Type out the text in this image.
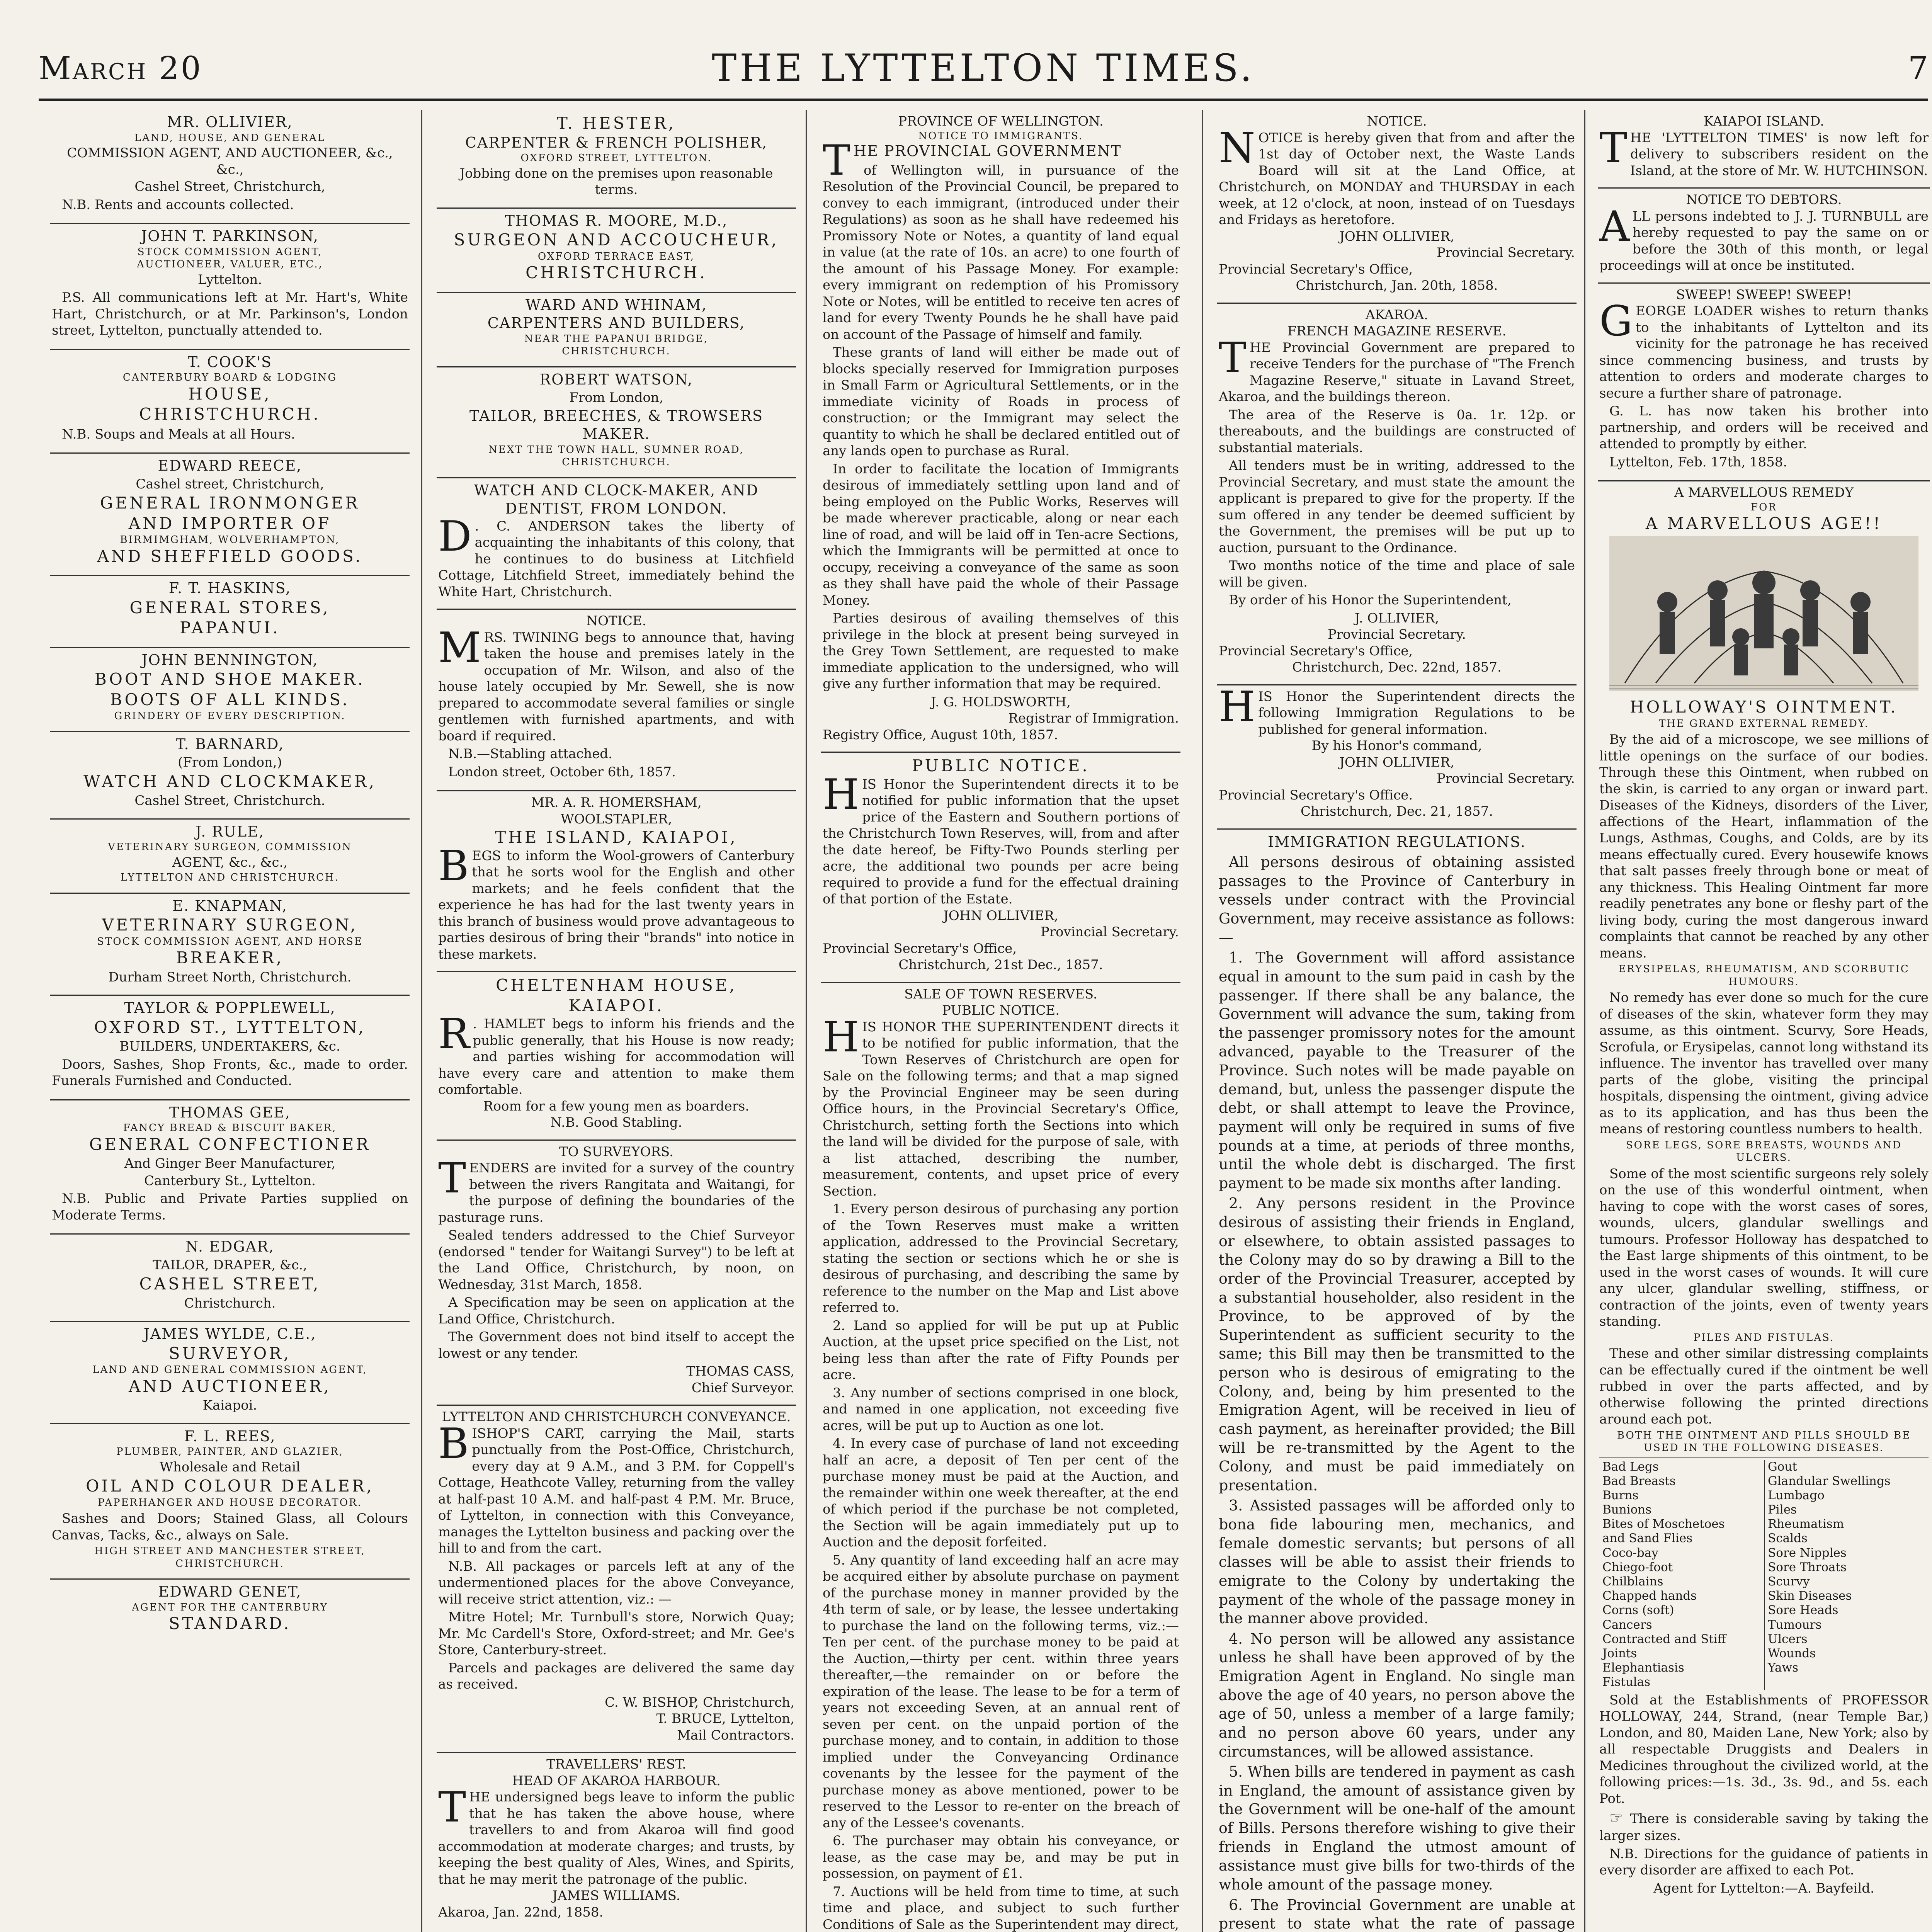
March 20	THE LYTTELTON TIMES.	7
MR. OLLIVIER,
LAND, HOUSE, AND GENERAL
COMMISSION AGENT, AND AUCTIONEER, &c., &c.,
Cashel Street, Christchurch,

N.B. Rents and accounts collected.

JOHN T. PARKINSON,
STOCK COMMISSION AGENT,
AUCTIONEER, VALUER, ETC.,
Lyttelton.

P.S. All communications left at Mr. Hart's, White Hart, Christchurch, or at Mr. Parkinson's, London street, Lyttelton, punctually attended to.

T. COOK'S
CANTERBURY BOARD & LODGING
HOUSE,
CHRISTCHURCH.

N.B. Soups and Meals at all Hours.

EDWARD REECE,
Cashel street, Christchurch,
GENERAL IRONMONGER
AND IMPORTER OF
BIRMIMGHAM, WOLVERHAMPTON,
AND SHEFFIELD GOODS.
F. T. HASKINS,
GENERAL STORES,
PAPANUI.
JOHN BENNINGTON,
BOOT AND SHOE MAKER.
BOOTS OF ALL KINDS.
GRINDERY OF EVERY DESCRIPTION.
T. BARNARD,
(From London,)
WATCH AND CLOCKMAKER,
Cashel Street, Christchurch.
J. RULE,
VETERINARY SURGEON, COMMISSION
AGENT, &c., &c.,
LYTTELTON AND CHRISTCHURCH.
E. KNAPMAN,
VETERINARY SURGEON,
STOCK COMMISSION AGENT, AND HORSE
BREAKER,
Durham Street North, Christchurch.
TAYLOR & POPPLEWELL,
OXFORD ST., LYTTELTON,
BUILDERS, UNDERTAKERS, &c.

Doors, Sashes, Shop Fronts, &c., made to order. Funerals Furnished and Conducted.

THOMAS GEE,
FANCY BREAD & BISCUIT BAKER,
GENERAL CONFECTIONER
And Ginger Beer Manufacturer,
Canterbury St., Lyttelton.

N.B. Public and Private Parties supplied on Moderate Terms.

N. EDGAR,
TAILOR, DRAPER, &c.,
CASHEL STREET,
Christchurch.
JAMES WYLDE, C.E.,
SURVEYOR,
LAND AND GENERAL COMMISSION AGENT,
AND AUCTIONEER,
Kaiapoi.
F. L. REES,
PLUMBER, PAINTER, AND GLAZIER,
Wholesale and Retail
OIL AND COLOUR DEALER,
PAPERHANGER AND HOUSE DECORATOR.

Sashes and Doors; Stained Glass, all Colours Canvas, Tacks, &c., always on Sale.

HIGH STREET AND MANCHESTER STREET, CHRISTCHURCH.
EDWARD GENET,
AGENT FOR THE CANTERBURY
STANDARD.
T. HESTER,
CARPENTER & FRENCH POLISHER,
OXFORD STREET, LYTTELTON.
Jobbing done on the premises upon reasonable terms.
THOMAS R. MOORE, M.D.,
SURGEON AND ACCOUCHEUR,
OXFORD TERRACE EAST,
CHRISTCHURCH.
WARD AND WHINAM,
CARPENTERS AND BUILDERS,
NEAR THE PAPANUI BRIDGE,
CHRISTCHURCH.
ROBERT WATSON,
From London,
TAILOR, BREECHES, & TROWSERS
MAKER.
NEXT THE TOWN HALL, SUMNER ROAD,
CHRISTCHURCH.
WATCH AND CLOCK-MAKER, AND DENTIST, FROM LONDON.
D . C. ANDERSON takes the liberty of acquainting the inhabitants of this colony, that he continues to do business at Litchfield Cottage, Litchfield Street, immediately behind the White Hart, Christchurch.
NOTICE.
MRS. TWINING begs to announce that, having taken the house and premises lately in the occupation of Mr. Wilson, and also of the house lately occupied by Mr. Sewell, she is now prepared to accommodate several families or single gentlemen with furnished apartments, and with board if required.

N.B.—Stabling attached.

London street, October 6th, 1857.

MR. A. R. HOMERSHAM,
WOOLSTAPLER,
THE ISLAND, KAIAPOI,
BEGS to inform the Wool-growers of Canterbury that he sorts wool for the English and other markets; and he feels confident that the experience he has had for the last twenty years in this branch of business would prove advantageous to parties desirous of bring their "brands" into notice in these markets.
CHELTENHAM HOUSE,
KAIAPOI.
R . HAMLET begs to inform his friends and the public generally, that his House is now ready; and parties wishing for accommodation will have every care and attention to make them comfortable.
Room for a few young men as boarders.
N.B. Good Stabling.
TO SURVEYORS.
TENDERS are invited for a survey of the country between the rivers Rangitata and Waitangi, for the purpose of defining the boundaries of the pasturage runs.

Sealed tenders addressed to the Chief Surveyor (endorsed " tender for Waitangi Survey") to be left at the Land Office, Christchurch, by noon, on Wednesday, 31st March, 1858.

A Specification may be seen on application at the Land Office, Christchurch.

The Government does not bind itself to accept the lowest or any tender.

THOMAS CASS,
Chief Surveyor.
LYTTELTON AND CHRISTCHURCH CONVEYANCE.
BISHOP'S CART, carrying the Mail, starts punctually from the Post-Office, Christchurch, every day at 9 A.M., and 3 P.M. for Coppell's Cottage, Heathcote Valley, returning from the valley at half-past 10 A.M. and half-past 4 P.M. Mr. Bruce, of Lyttelton, in connection with this Conveyance, manages the Lyttelton business and packing over the hill to and from the cart.

N.B. All packages or parcels left at any of the undermentioned places for the above Conveyance, will receive strict attention, viz.: —

Mitre Hotel; Mr. Turnbull's store, Norwich Quay; Mr. Mc Cardell's Store, Oxford-street; and Mr. Gee's Store, Canterbury-street.

Parcels and packages are delivered the same day as received.

C. W. BISHOP, Christchurch,
T. BRUCE, Lyttelton,
Mail Contractors.
TRAVELLERS' REST.
HEAD OF AKAROA HARBOUR.
THE undersigned begs leave to inform the public that he has taken the above house, where travellers to and from Akaroa will find good accommodation at moderate charges; and trusts, by keeping the best quality of Ales, Wines, and Spirits, that he may merit the patronage of the public.
JAMES WILLIAMS.
Akaroa, Jan. 22nd, 1858.
PROVINCE OF WELLINGTON.
NOTICE TO IMMIGRANTS.
THE PROVINCIAL GOVERNMENT

of Wellington will, in pursuance of the Resolution of the Provincial Council, be prepared to convey to each immigrant, (introduced under their Regulations) as soon as he shall have redeemed his Promissory Note or Notes, a quantity of land equal in value (at the rate of 10s. an acre) to one fourth of the amount of his Passage Money. For example: every immigrant on redemption of his Promissory Note or Notes, will be entitled to receive ten acres of land for every Twenty Pounds he he shall have paid on account of the Passage of himself and family.

These grants of land will either be made out of blocks specially reserved for Immigration purposes in Small Farm or Agricultural Settlements, or in the immediate vicinity of Roads in process of construction; or the Immigrant may select the quantity to which he shall be declared entitled out of any lands open to purchase as Rural.

In order to facilitate the location of Immigrants desirous of immediately settling upon land and of being employed on the Public Works, Reserves will be made wherever practicable, along or near each line of road, and will be laid off in Ten-acre Sections, which the Immigrants will be permitted at once to occupy, receiving a conveyance of the same as soon as they shall have paid the whole of their Passage Money.

Parties desirous of availing themselves of this privilege in the block at present being surveyed in the Grey Town Settlement, are requested to make immediate application to the undersigned, who will give any further information that may be required.

J. G. HOLDSWORTH,
Registrar of Immigration.
Registry Office, August 10th, 1857.
PUBLIC NOTICE.
HIS Honor the Superintendent directs it to be notified for public information that the upset price of the Eastern and Southern portions of the Christchurch Town Reserves, will, from and after the date hereof, be Fifty-Two Pounds sterling per acre, the additional two pounds per acre being required to provide a fund for the effectual draining of that portion of the Estate.
JOHN OLLIVIER,
Provincial Secretary.
Provincial Secretary's Office,
Christchurch, 21st Dec., 1857.
SALE OF TOWN RESERVES.
PUBLIC NOTICE.
HIS HONOR THE SUPERINTENDENT directs it to be notified for public information, that the Town Reserves of Christchurch are open for Sale on the following terms; and that a map signed by the Provincial Engineer may be seen during Office hours, in the Provincial Secretary's Office, Christchurch, setting forth the Sections into which the land will be divided for the purpose of sale, with a list attached, describing the number, measurement, contents, and upset price of every Section.

1. Every person desirous of purchasing any portion of the Town Reserves must make a written application, addressed to the Provincial Secretary, stating the section or sections which he or she is desirous of purchasing, and describing the same by reference to the number on the Map and List above referred to.

2. Land so applied for will be put up at Public Auction, at the upset price specified on the List, not being less than after the rate of Fifty Pounds per acre.

3. Any number of sections comprised in one block, and named in one application, not exceeding five acres, will be put up to Auction as one lot.

4. In every case of purchase of land not exceeding half an acre, a deposit of Ten per cent of the purchase money must be paid at the Auction, and the remainder within one week thereafter, at the end of which period if the purchase be not completed, the Section will be again immediately put up to Auction and the deposit forfeited.

5. Any quantity of land exceeding half an acre may be acquired either by absolute purchase on payment of the purchase money in manner provided by the 4th term of sale, or by lease, the lessee undertaking to purchase the land on the following terms, viz.:—Ten per cent. of the purchase money to be paid at the Auction,—thirty per cent. within three years thereafter,—the remainder on or before the expiration of the lease. The lease to be for a term of years not exceeding Seven, at an annual rent of seven per cent. on the unpaid portion of the purchase money, and to contain, in addition to those implied under the Conveyancing Ordinance covenants by the lessee for the payment of the purchase money as above mentioned, power to be reserved to the Lessor to re-enter on the breach of any of the Lessee's covenants.

6. The purchaser may obtain his conveyance, or lease, as the case may be, and may be put in possession, on payment of £1.

7. Auctions will be held from time to time, at such time and place, and subject to such further Conditions of Sale as the Superintendent may direct,

NOTICE.
NOTICE is hereby given that from and after the 1st day of October next, the Waste Lands Board will sit at the Land Office, at Christchurch, on MONDAY and THURSDAY in each week, at 12 o'clock, at noon, instead of on Tuesdays and Fridays as heretofore.
JOHN OLLIVIER,
Provincial Secretary.
Provincial Secretary's Office,
Christchurch, Jan. 20th, 1858.
AKAROA.
FRENCH MAGAZINE RESERVE.
THE Provincial Government are prepared to receive Tenders for the purchase of "The French Magazine Reserve," situate in Lavand Street, Akaroa, and the buildings thereon.

The area of the Reserve is 0a. 1r. 12p. or thereabouts, and the buildings are constructed of substantial materials.

All tenders must be in writing, addressed to the Provincial Secretary, and must state the amount the applicant is prepared to give for the property. If the sum offered in any tender be deemed sufficient by the Government, the premises will be put up to auction, pursuant to the Ordinance.

Two months notice of the time and place of sale will be given.

By order of his Honor the Superintendent,

J. OLLIVIER,
Provincial Secretary.
Provincial Secretary's Office,
Christchurch, Dec. 22nd, 1857.
HIS Honor the Superintendent directs the following Immigration Regulations to be published for general information.
By his Honor's command,
JOHN OLLIVIER,
Provincial Secretary.
Provincial Secretary's Office.
Christchurch, Dec. 21, 1857.
IMMIGRATION REGULATIONS.

All persons desirous of obtaining assisted passages to the Province of Canterbury in vessels under contract with the Provincial Government, may receive assistance as follows: —

1. The Government will afford assistance equal in amount to the sum paid in cash by the passenger. If there shall be any balance, the Government will advance the sum, taking from the passenger promissory notes for the amount advanced, payable to the Treasurer of the Province. Such notes will be made payable on demand, but, unless the passenger dispute the debt, or shall attempt to leave the Province, payment will only be required in sums of five pounds at a time, at periods of three months, until the whole debt is discharged. The first payment to be made six months after landing.

2. Any persons resident in the Province desirous of assisting their friends in England, or elsewhere, to obtain assisted passages to the Colony may do so by drawing a Bill to the order of the Provincial Treasurer, accepted by a substantial householder, also resident in the Province, to be approved of by the Superintendent as sufficient security to the same; this Bill may then be transmitted to the person who is desirous of emigrating to the Colony, and, being by him presented to the Emigration Agent, will be received in lieu of cash payment, as hereinafter provided; the Bill will be re-transmitted by the Agent to the Colony, and must be paid immediately on presentation.

3. Assisted passages will be afforded only to bona fide labouring men, mechanics, and female domestic servants; but persons of all classes will be able to assist their friends to emigrate to the Colony by undertaking the payment of the whole of the passage money in the manner above provided.

4. No person will be allowed any assistance unless he shall have been approved of by the Emigration Agent in England. No single man above the age of 40 years, no person above the age of 50, unless a member of a large family; and no person above 60 years, under any circumstances, will be allowed assistance.

5. When bills are tendered in payment as cash in England, the amount of assistance given by the Government will be one-half of the amount of Bills. Persons therefore wishing to give their friends in England the utmost amount of assistance must give bills for two-thirds of the whole amount of the passage money.

6. The Provincial Government are unable at present to state what the rate of passage

KAIAPOI ISLAND.
THE 'LYTTELTON TIMES' is now left for delivery to subscribers resident on the Island, at the store of Mr. W. HUTCHINSON.
NOTICE TO DEBTORS.
ALL persons indebted to J. J. TURNBULL are hereby requested to pay the same on or before the 30th of this month, or legal proceedings will at once be instituted.
SWEEP! SWEEP! SWEEP!
GEORGE LOADER wishes to return thanks to the inhabitants of Lyttelton and its vicinity for the patronage he has received since commencing business, and trusts by attention to orders and moderate charges to secure a further share of patronage.

G. L. has now taken his brother into partnership, and orders will be received and attended to promptly by either.

Lyttelton, Feb. 17th, 1858.

A MARVELLOUS REMEDY
FOR
A MARVELLOUS AGE!!
HOLLOWAY'S OINTMENT.
THE GRAND EXTERNAL REMEDY.

By the aid of a microscope, we see millions of little openings on the surface of our bodies. Through these this Ointment, when rubbed on the skin, is carried to any organ or inward part. Diseases of the Kidneys, disorders of the Liver, affections of the Heart, inflammation of the Lungs, Asthmas, Coughs, and Colds, are by its means effectually cured. Every housewife knows that salt passes freely through bone or meat of any thickness. This Healing Ointment far more readily penetrates any bone or fleshy part of the living body, curing the most dangerous inward complaints that cannot be reached by any other means.

ERYSIPELAS, RHEUMATISM, AND SCORBUTIC HUMOURS.

No remedy has ever done so much for the cure of diseases of the skin, whatever form they may assume, as this ointment. Scurvy, Sore Heads, Scrofula, or Erysipelas, cannot long withstand its influence. The inventor has travelled over many parts of the globe, visiting the principal hospitals, dispensing the ointment, giving advice as to its application, and has thus been the means of restoring countless numbers to health.

SORE LEGS, SORE BREASTS, WOUNDS AND ULCERS.

Some of the most scientific surgeons rely solely on the use of this wonderful ointment, when having to cope with the worst cases of sores, wounds, ulcers, glandular swellings and tumours. Professor Holloway has despatched to the East large shipments of this ointment, to be used in the worst cases of wounds. It will cure any ulcer, glandular swelling, stiffness, or contraction of the joints, even of twenty years standing.

PILES AND FISTULAS.

These and other similar distressing complaints can be effectually cured if the ointment be well rubbed in over the parts affected, and by otherwise following the printed directions around each pot.

BOTH THE OINTMENT AND PILLS SHOULD BE USED IN THE FOLLOWING DISEASES.
Bad Legs
Bad Breasts
Burns
Bunions
Bites of Moschetoes
and Sand Flies
Coco-bay
Chiego-foot
Chilblains
Chapped hands
Corns (soft)
Cancers
Contracted and Stiff
Joints
Elephantiasis
Fistulas
Gout
Glandular Swellings
Lumbago
Piles
Rheumatism
Scalds
Sore Nipples
Sore Throats
Scurvy
Skin Diseases
Sore Heads
Tumours
Ulcers
Wounds
Yaws

Sold at the Establishments of PROFESSOR HOLLOWAY, 244, Strand, (near Temple Bar,) London, and 80, Maiden Lane, New York; also by all respectable Druggists and Dealers in Medicines throughout the civilized world, at the following prices:—1s. 3d., 3s. 9d., and 5s. each Pot.

☞ There is considerable saving by taking the larger sizes.

N.B. Directions for the guidance of patients in every disorder are affixed to each Pot.

Agent for Lyttelton:—A. Bayfeild.
